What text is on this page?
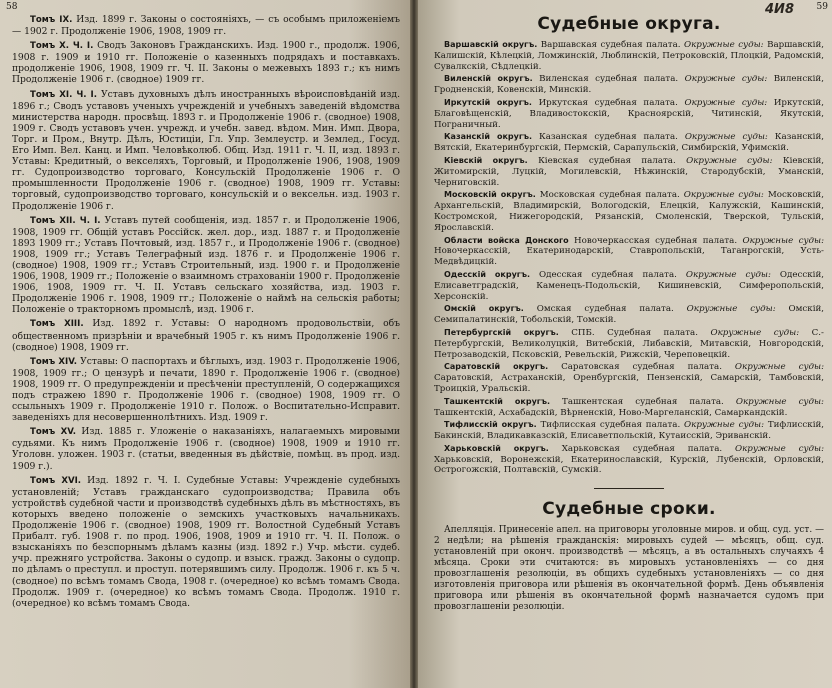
58

Томъ IX. Изд. 1899 г. Законы о состоянiяхъ, — съ особымъ приложенiемъ — 1902 г. Продолженiе 1906, 1908, 1909 гг.

Томъ X. Ч. I. Сводъ Законовъ Гражданскихъ. Изд. 1900 г., продолж. 1906, 1908 г. 1909 и 1910 гг. Положенiе о казенныхъ подрядахъ и поставкахъ. продолженiе 1906, 1908, 1909 гг. Ч. II. Законы о межевыхъ 1893 г.; къ нимъ Продолженiе 1906 г. (сводное) 1909 гг.

Томъ XI. Ч. I. Уставъ духовныхъ дѣлъ иностранныхъ вѣроисповѣданiй изд. 1896 г.; Сводъ уставовъ ученыхъ учрежденiй и учебныхъ заведенiй вѣдомства министерства народн. просвѣщ. 1893 г. и Продолженiе 1906 г. (сводное) 1908, 1909 г. Сводъ уставовъ учен. учрежд. и учебн. завед. вѣдом. Мин. Имп. Двора, Торг. и Пром., Внутр. Дѣлъ, Юстицiи, Гл. Упр. Землеустр. и Землед., Госуд. Его Имп. Вел. Канц. и Имп. Человѣколюб. Общ. Изд. 1911 г. Ч. II, изд. 1893 г. Уставы: Кредитный, о векселяхъ, Торговый, и Продолженiе 1906, 1908, 1909 гг. Судопроизводство торговаго, Консульскiй Продолженiе 1906 г. О промышленности Продолженiе 1906 г. (сводное) 1908, 1909 гг. Уставы: торговый, судопроизводство торговаго, консульскiй и о вексельн. изд. 1903 г. Продолженiе 1906 г.

Томъ XII. Ч. I. Уставъ путей сообщенiя, изд. 1857 г. и Продолженiе 1906, 1908, 1909 гг. Общiй уставъ Россiйск. жел. дор., изд. 1887 г. и Продолженiе 1893 1909 гг.; Уставъ Почтовый, изд. 1857 г., и Продолженiе 1906 г. (сводное) 1908, 1909 гг.; Уставъ Телеграфный изд. 1876 г. и Продолженiе 1906 г. (сводное) 1908, 1909 гг.; Уставъ Строительный, изд. 1900 г. и Продолженiе 1906, 1908, 1909 гг.; Положенiе о взаимномъ страхованiи 1900 г. Продолженiе 1906, 1908, 1909 гг. Ч. II. Уставъ сельскаго хозяйства, изд. 1903 г. Продолженiе 1906 г. 1908, 1909 гг.; Положенiе о наймѣ на сельскiя работы; Положенiе о тракторномъ промыслѣ, изд. 1906 г.

Томъ XIII. Изд. 1892 г. Уставы: О народномъ продовольствiи, объ общественномъ призрѣнiи и врачебный 1905 г. къ нимъ Продолженiе 1906 г. (сводное) 1908, 1909 гг.

Томъ XIV. Уставы: О паспортахъ и бѣглыхъ, изд. 1903 г. Продолженiе 1906, 1908, 1909 гг.; О цензурѣ и печати, 1890 г. Продолженiе 1906 г. (сводное) 1908, 1909 гг. О предупрежденiи и пресѣченiи преступленiй, О содержащихся подъ стражею 1890 г. Продолженiе 1906 г. (сводное) 1908, 1909 гг. О ссыльныхъ 1909 г. Продолженiе 1910 г. Полож. о Воспитательно-Исправит. заведенiяхъ для несовершеннолѣтнихъ. Изд. 1909 г.

Томъ XV. Изд. 1885 г. Уложенiе о наказанiяхъ, налагаемыхъ мировыми судьями. Къ нимъ Продолженiе 1906 г. (сводное) 1908, 1909 и 1910 гг. Уголовн. уложен. 1903 г. (статьи, введенныя въ дѣйствiе, помѣщ. въ прод. изд. 1909 г.).

Томъ XVI. Изд. 1892 г. Ч. I. Судебные Уставы: Учрежденiе судебныхъ установленiй; Уставъ гражданскаго судопроизводства; Правила объ устройствѣ судебной части и производствѣ судебныхъ дѣлъ въ мѣстностяхъ, въ которыхъ введено положенiе о земскихъ участковыхъ начальникахъ. Продолженiе 1906 г. (сводное) 1908, 1909 гг. Волостной Судебный Уставъ Прибалт. губ. 1908 г. по прод. 1906, 1908, 1909 и 1910 гг. Ч. II. Полож. о взысканiяхъ по безспорнымъ дѣламъ казны (изд. 1892 г.) Учр. мѣсти. судеб. учр. прежняго устройства. Законы о судопр. и взыск. гражд. Законы о судопр. по дѣламъ о преступл. и проступ. потерявшимъ силу. Продолж. 1906 г. къ 5 ч. (сводное) по всѣмъ томамъ Свода, 1908 г. (очередное) ко всѣмъ томамъ Свода. Продолж. 1909 г. (очередное) ко всѣмъ томамъ Свода. Продолж. 1910 г. (очередное) ко всѣмъ томамъ Свода.

59
4И8
Судебные округа.

Варшавскiй округъ. Варшавская судебная палата. Окружные суды: Варшавскiй, Калишскiй, Кѣлецкiй, Ломжинскiй, Люблинскiй, Петроковскiй, Плоцкiй, Радомскiй, Сувалкскiй, Сѣдлецкiй.

Виленскiй округъ. Виленская судебная палата. Окружные суды: Виленскiй, Гродненскiй, Ковенскiй, Минскiй.

Иркутскiй округъ. Иркутская судебная палата. Окружные суды: Иркутскiй, Благовѣщенскiй, Владивостокскiй, Красноярскiй, Читинскiй, Якутскiй, Пограничный.

Казанскiй округъ. Казанская судебная палата. Окружные суды: Казанскiй, Вятскiй, Екатеринбургскiй, Пермскiй, Сарапульскiй, Симбирскiй, Уфимскiй.

Кiевскiй округъ. Кiевская судебная палата. Окружные суды: Кiевскiй, Житомирскiй, Луцкiй, Могилевскiй, Нѣжинскiй, Стародубскiй, Уманскiй, Черниговскiй.

Московскiй округъ. Московская судебная палата. Окружные суды: Московскiй, Архангельскiй, Владимирскiй, Вологодскiй, Елецкiй, Калужскiй, Кашинскiй, Костромской, Нижегородскiй, Рязанскiй, Смоленскiй, Тверской, Тульскiй, Ярославскiй.

Области войска Донского Новочеркасская судебная палата. Окружные суды: Новочеркасскiй, Екатеринодарскiй, Ставропольскiй, Таганрогскiй, Усть-Медвѣдицкiй.

Одесскiй округъ. Одесская судебная палата. Окружные суды: Одесскiй, Елисаветградскiй, Каменецъ-Подольскiй, Кишиневскiй, Симферопольскiй, Херсонскiй.

Омскiй округъ. Омская судебная палата. Окружные суды: Омскiй, Семипалатинскiй, Тобольскiй, Томскiй.

Петербургскiй округъ. СПБ. Судебная палата. Окружные суды: С.-Петербургскiй, Великолуцкiй, Витебскiй, Либавскiй, Митавскiй, Новгородскiй, Петрозаводскiй, Псковскiй, Ревельскiй, Рижскiй, Череповецкiй.

Саратовскiй округъ. Саратовская судебная палата. Окружные суды: Саратовскiй, Астраханскiй, Оренбургскiй, Пензенскiй, Самарскiй, Тамбовскiй, Троицкiй, Уральскiй.

Ташкентскiй округъ. Ташкентская судебная палата. Окружные суды: Ташкентскiй, Асхабадскiй, Вѣрненскiй, Ново-Маргеланскiй, Самаркандскiй.

Тифлисскiй округъ. Тифлисская судебная палата. Окружные суды: Тифлисскiй, Бакинскiй, Владикавказскiй, Елисаветпольскiй, Кутаисскiй, Эриванскiй.

Харьковскiй округъ. Харьковская судебная палата. Окружные суды: Харьковскiй, Воронежскiй, Екатеринославскiй, Курскiй, Лубенскiй, Орловскiй, Острогожскiй, Полтавскiй, Сумскiй.

Судебные сроки.
Апелляцiя. Принесенiе апел. на приговоры уголовные миров. и общ. суд. уст. — 2 недѣли; на рѣшенiя гражданскiя: мировыхъ судей — мѣсяцъ, общ. суд. установленiй при оконч. производствѣ — мѣсяцъ, а въ остальныхъ случаяхъ 4 мѣсяца. Сроки эти считаются: въ мировыхъ установленiяхъ — со дня провозглашенiя резолюцiи, въ общихъ судебныхъ установленiяхъ — со дня изготовленiя приговора или рѣшенiя въ окончательной формѣ. День объявленiя приговора или рѣшенiя въ окончательной формѣ назначается судомъ при провозглашенiи резолюцiи.
